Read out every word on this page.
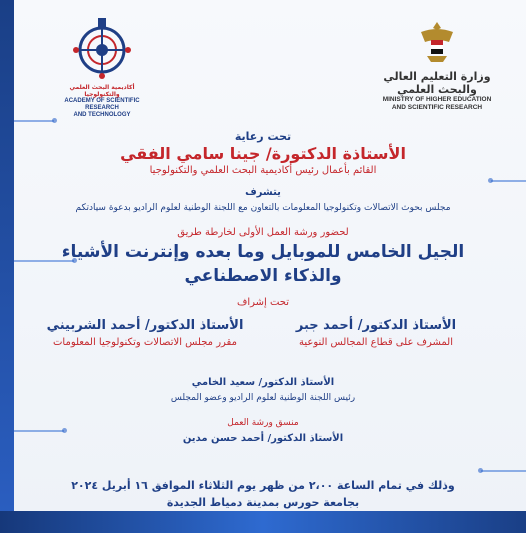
أكاديمية البحث العلمي والتكنولوجيا
ACADEMY OF SCIENTIFIC RESEARCH
AND TECHNOLOGY
وزارة التعليم العالي والبحث العلمي
MINISTRY OF HIGHER EDUCATION
AND SCIENTIFIC RESEARCH
تحت رعاية
الأستاذة الدكتورة/ جينا سامي الفقي
القائم بأعمال رئيس أكاديمية البحث العلمي والتكنولوجيا
يتشرف
مجلس بحوث الاتصالات وتكنولوجيا المعلومات بالتعاون مع اللجنة الوطنية لعلوم الراديو بدعوة سيادتكم
لحضور ورشة العمل الأولى لخارطة طريق
الجيل الخامس للموبايل وما بعده وإنترنت الأشياء
والذكاء الاصطناعي
تحت إشراف
الأستاذ الدكتور/ أحمد جبر
المشرف على قطاع المجالس النوعية
الأستاذ الدكتور/ أحمد الشربيني
مقرر مجلس الاتصالات وتكنولوجيا المعلومات
الأستاذ الدكتور/ سعيد الخامي
رئيس اللجنة الوطنية لعلوم الراديو وعضو المجلس
منسق ورشة العمل
الأستاذ الدكتور/ أحمد حسن مدين
وذلك في تمام الساعة ٢،٠٠ من ظهر يوم الثلاثاء الموافق ١٦ أبريل ٢٠٢٤
بجامعة حورس بمدينة دمياط الجديدة
